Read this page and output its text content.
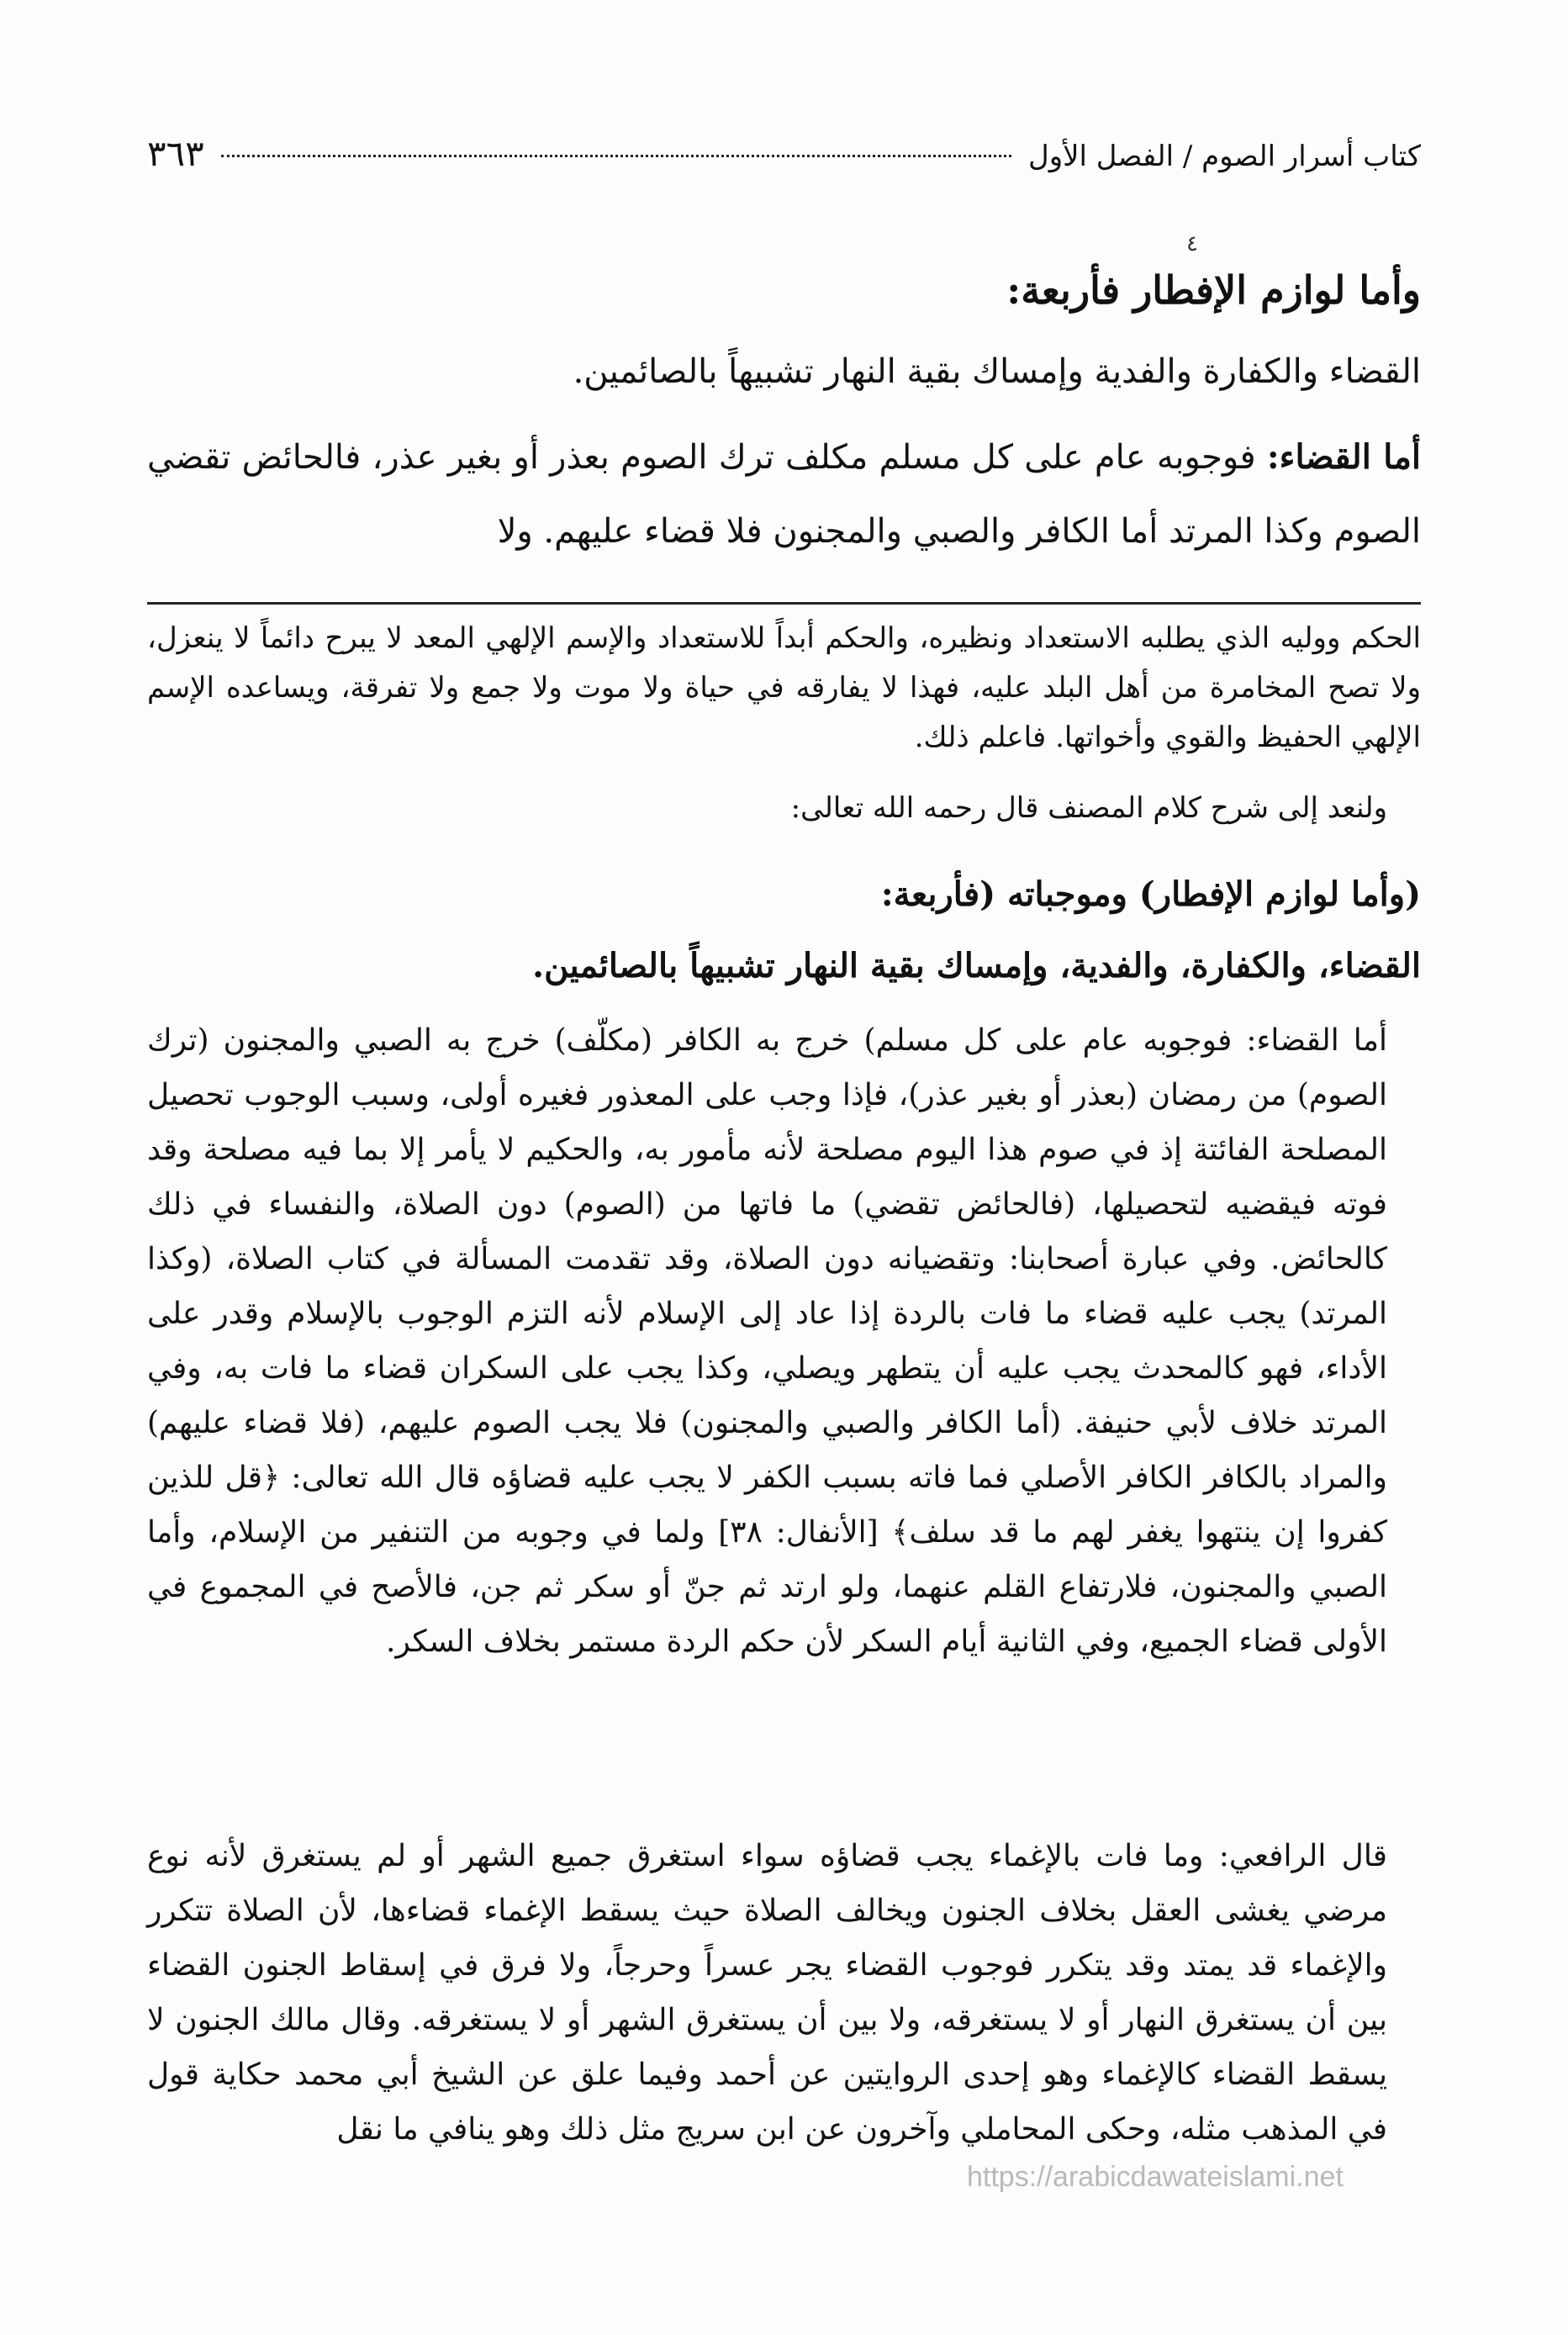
كتاب أسرار الصوم / الفصل الأول
٣٦٣
٤
وأما لوازم الإفطار فأربعة:
القضاء والكفارة والفدية وإمساك بقية النهار تشبيهاً بالصائمين.
أما القضاء: فوجوبه عام على كل مسلم مكلف ترك الصوم بعذر أو بغير عذر، فالحائض تقضي الصوم وكذا المرتد أما الكافر والصبي والمجنون فلا قضاء عليهم. ولا
الحكم ووليه الذي يطلبه الاستعداد ونظيره، والحكم أبداً للاستعداد والإسم الإلهي المعد لا يبرح دائماً لا ينعزل، ولا تصح المخامرة من أهل البلد عليه، فهذا لا يفارقه في حياة ولا موت ولا جمع ولا تفرقة، ويساعده الإسم الإلهي الحفيظ والقوي وأخواتها. فاعلم ذلك.
ولنعد إلى شرح كلام المصنف قال رحمه الله تعالى:
(وأما لوازم الإفطار) وموجباته (فأربعة:
القضاء، والكفارة، والفدية، وإمساك بقية النهار تشبيهاً بالصائمين.
أما القضاء: فوجوبه عام على كل مسلم) خرج به الكافر (مكلّف) خرج به الصبي والمجنون (ترك الصوم) من رمضان (بعذر أو بغير عذر)، فإذا وجب على المعذور فغيره أولى، وسبب الوجوب تحصيل المصلحة الفائتة إذ في صوم هذا اليوم مصلحة لأنه مأمور به، والحكيم لا يأمر إلا بما فيه مصلحة وقد فوته فيقضيه لتحصيلها، (فالحائض تقضي) ما فاتها من (الصوم) دون الصلاة، والنفساء في ذلك كالحائض. وفي عبارة أصحابنا: وتقضيانه دون الصلاة، وقد تقدمت المسألة في كتاب الصلاة، (وكذا المرتد) يجب عليه قضاء ما فات بالردة إذا عاد إلى الإسلام لأنه التزم الوجوب بالإسلام وقدر على الأداء، فهو كالمحدث يجب عليه أن يتطهر ويصلي، وكذا يجب على السكران قضاء ما فات به، وفي المرتد خلاف لأبي حنيفة. (أما الكافر والصبي والمجنون) فلا يجب الصوم عليهم، (فلا قضاء عليهم) والمراد بالكافر الكافر الأصلي فما فاته بسبب الكفر لا يجب عليه قضاؤه قال الله تعالى: ﴿قل للذين كفروا إن ينتهوا يغفر لهم ما قد سلف﴾ [الأنفال: ٣٨] ولما في وجوبه من التنفير من الإسلام، وأما الصبي والمجنون، فلارتفاع القلم عنهما، ولو ارتد ثم جنّ أو سكر ثم جن، فالأصح في المجموع في الأولى قضاء الجميع، وفي الثانية أيام السكر لأن حكم الردة مستمر بخلاف السكر.
قال الرافعي: وما فات بالإغماء يجب قضاؤه سواء استغرق جميع الشهر أو لم يستغرق لأنه نوع مرضي يغشى العقل بخلاف الجنون ويخالف الصلاة حيث يسقط الإغماء قضاءها، لأن الصلاة تتكرر والإغماء قد يمتد وقد يتكرر فوجوب القضاء يجر عسراً وحرجاً، ولا فرق في إسقاط الجنون القضاء بين أن يستغرق النهار أو لا يستغرقه، ولا بين أن يستغرق الشهر أو لا يستغرقه. وقال مالك الجنون لا يسقط القضاء كالإغماء وهو إحدى الروايتين عن أحمد وفيما علق عن الشيخ أبي محمد حكاية قول في المذهب مثله، وحكى المحاملي وآخرون عن ابن سريج مثل ذلك وهو ينافي ما نقل
https://arabicdawateislami.net
